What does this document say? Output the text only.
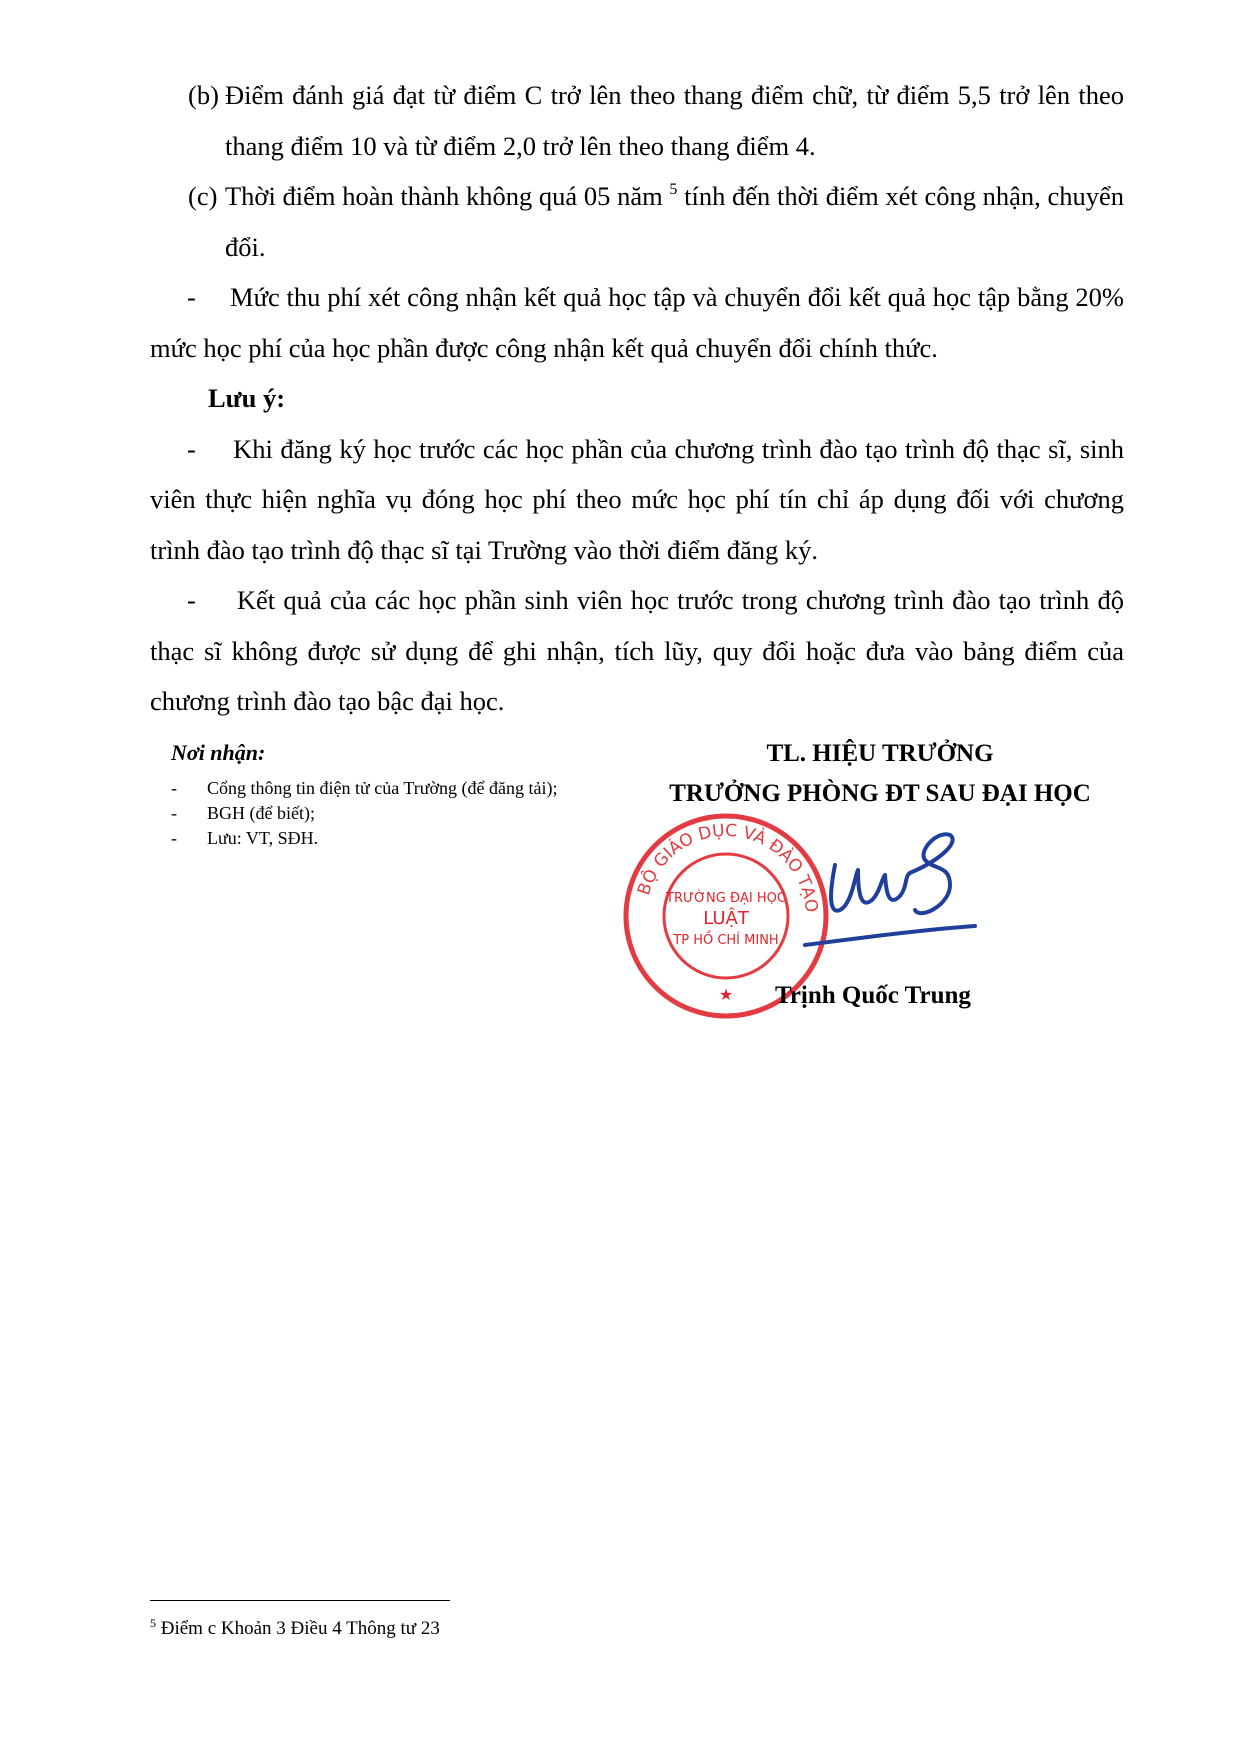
(b) Điểm đánh giá đạt từ điểm C trở lên theo thang điểm chữ, từ điểm 5,5 trở lên theo thang điểm 10 và từ điểm 2,0 trở lên theo thang điểm 4.

(c) Thời điểm hoàn thành không quá 05 năm $^5$ tính đến thời điểm xét công nhận, chuyển đổi.

- Mức thu phí xét công nhận kết quả học tập và chuyển đổi kết quả học tập bằng 20% mức học phí của học phần được công nhận kết quả chuyển đổi chính thức.

Lưu ý:

- Khi đăng ký học trước các học phần của chương trình đào tạo trình độ thạc sĩ, sinh viên thực hiện nghĩa vụ đóng học phí theo mức học phí tín chỉ áp dụng đối với chương trình đào tạo trình độ thạc sĩ tại Trường vào thời điểm đăng ký.

- Kết quả của các học phần sinh viên học trước trong chương trình đào tạo trình độ thạc sĩ không được sử dụng để ghi nhận, tích lũy, quy đổi hoặc đưa vào bảng điểm của chương trình đào tạo bậc đại học.

Nơi nhận:

- Cổng thông tin điện tử của Trường (để đăng tải);
- BGH (để biết);
- Lưu: VT, SĐH.
TL. HIỆU TRƯỞNG
TRƯỞNG PHÒNG ĐT SAU ĐẠI HỌC
BỘ GIÁO DỤC VÀ ĐÀO TẠO
TRƯỜNG ĐẠI HỌC
LUẬT
TP HỒ CHÍ MINH
★ Trịnh Quốc Trung
$^5$ Điểm c Khoản 3 Điều 4 Thông tư 23
